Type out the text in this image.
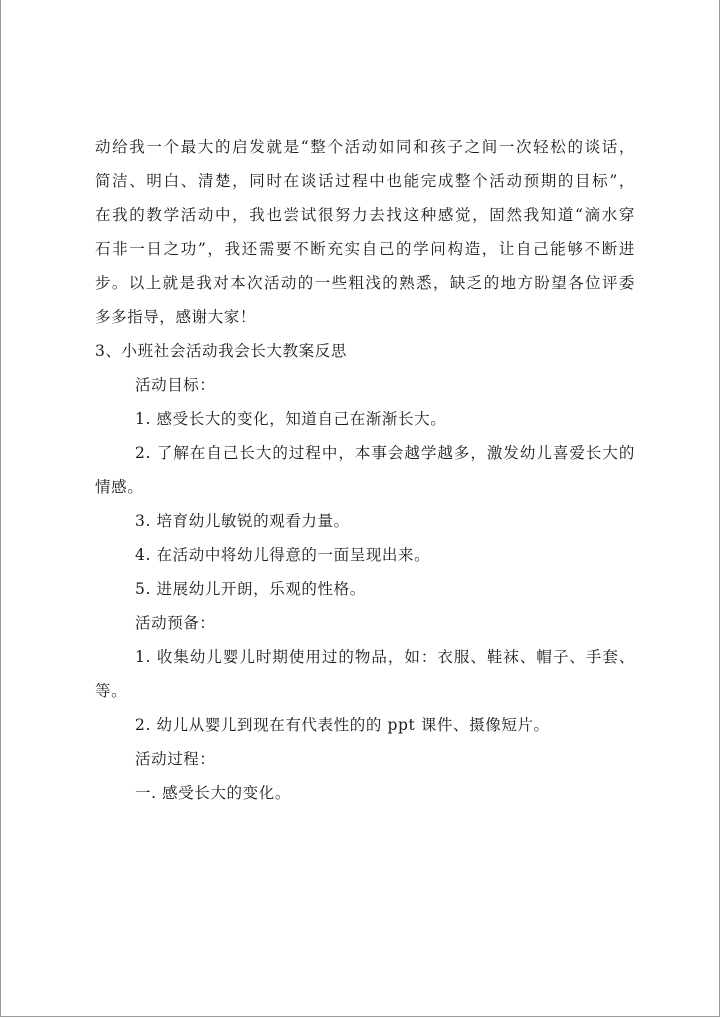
动给我一个最大的启发就是“整个活动如同和孩子之间一次轻松的谈话，
简洁、明白、清楚，同时在谈话过程中也能完成整个活动预期的目标”，
在我的教学活动中，我也尝试很努力去找这种感觉，固然我知道“滴水穿
石非一日之功”，我还需要不断充实自己的学问构造，让自己能够不断进
步。以上就是我对本次活动的一些粗浅的熟悉，缺乏的地方盼望各位评委
多多指导，感谢大家！
3、小班社会活动我会长大教案反思
活动目标：
1. 感受长大的变化，知道自己在渐渐长大。
2. 了解在自己长大的过程中，本事会越学越多，激发幼儿喜爱长大的
情感。
3. 培育幼儿敏锐的观看力量。
4. 在活动中将幼儿得意的一面呈现出来。
5. 进展幼儿开朗，乐观的性格。
活动预备：
1. 收集幼儿婴儿时期使用过的物品，如：衣服、鞋袜、帽子、手套、
等。
2. 幼儿从婴儿到现在有代表性的的 ppt 课件、摄像短片。
活动过程：
一. 感受长大的变化。
